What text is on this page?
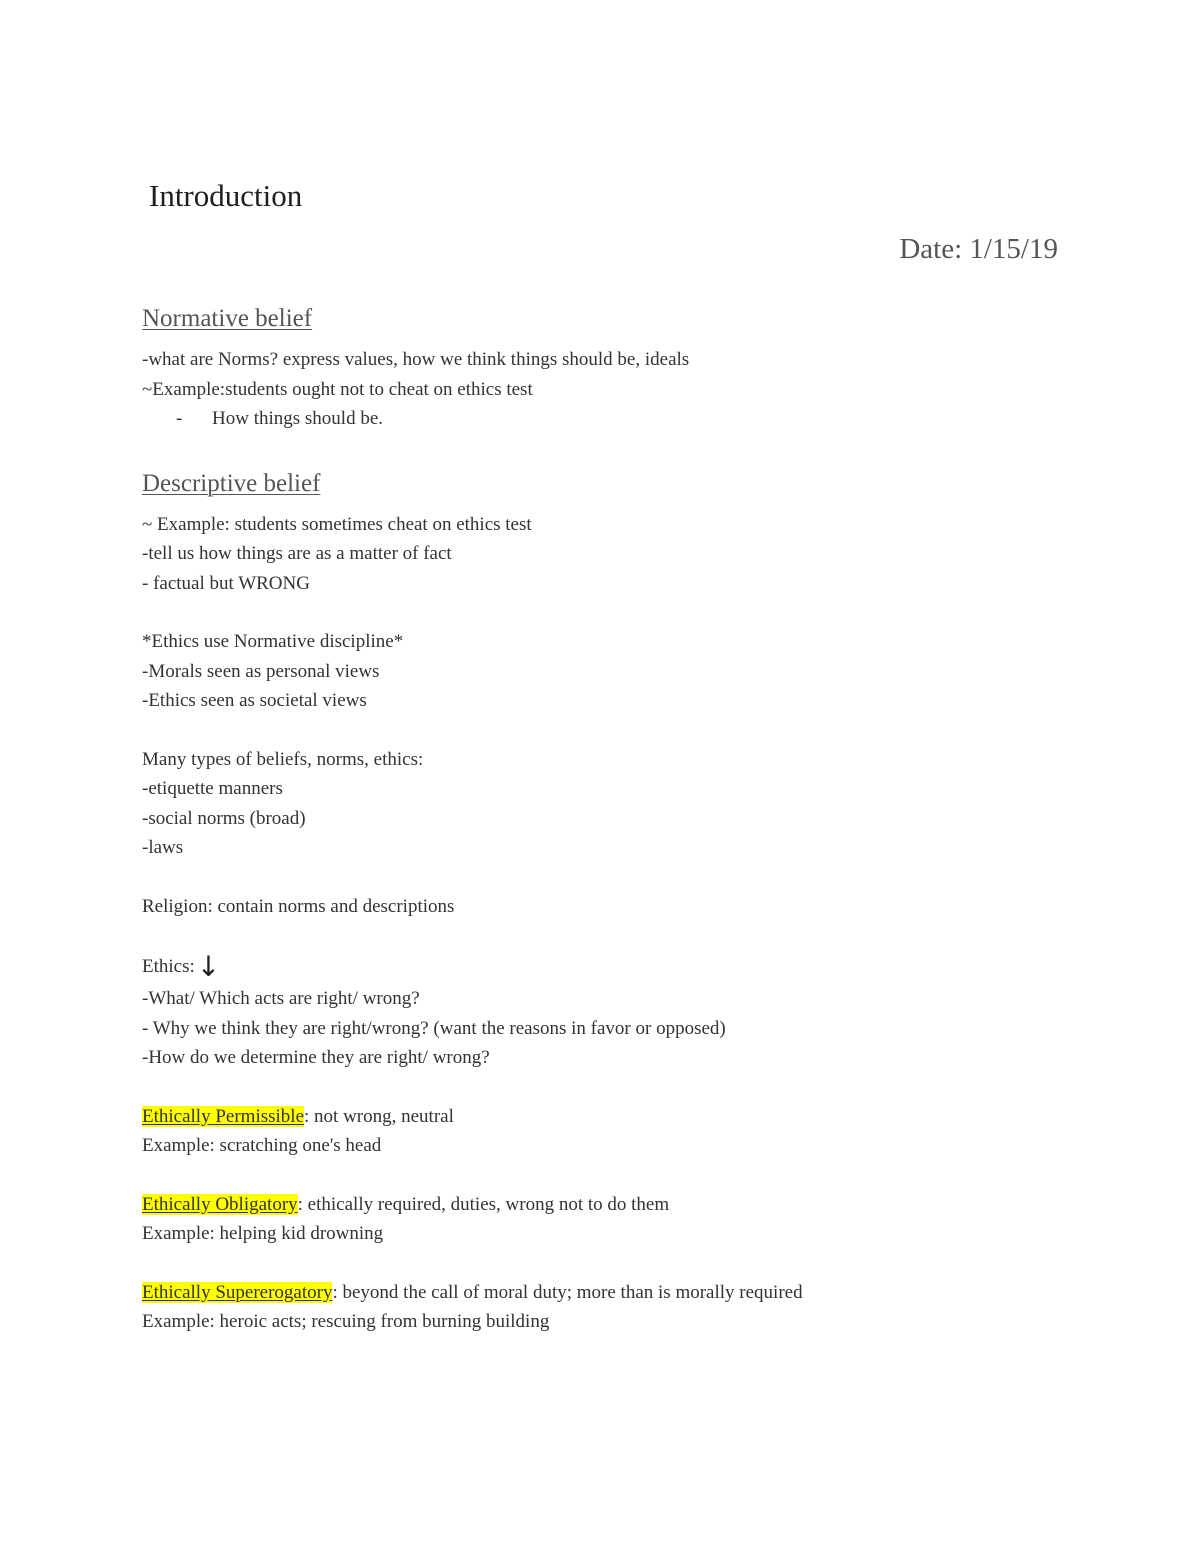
Introduction
Date: 1/15/19
Normative belief
-what are Norms? express values, how we think things should be, ideals
~Example:students ought not to cheat on ethics test
- How things should be.
Descriptive belief
~ Example: students sometimes cheat on ethics test
-tell us how things are as a matter of fact
- factual but WRONG
*Ethics use Normative discipline*
-Morals seen as personal views
-Ethics seen as societal views
Many types of beliefs, norms, ethics:
-etiquette manners
-social norms (broad)
-laws
Religion: contain norms and descriptions
Ethics:↓
-What/ Which acts are right/ wrong?
- Why we think they are right/wrong? (want the reasons in favor or opposed)
-How do we determine they are right/ wrong?
Ethically Permissible: not wrong, neutral
Example: scratching one's head
Ethically Obligatory: ethically required, duties, wrong not to do them
Example: helping kid drowning
Ethically Supererogatory: beyond the call of moral duty; more than is morally required
Example: heroic acts; rescuing from burning building
